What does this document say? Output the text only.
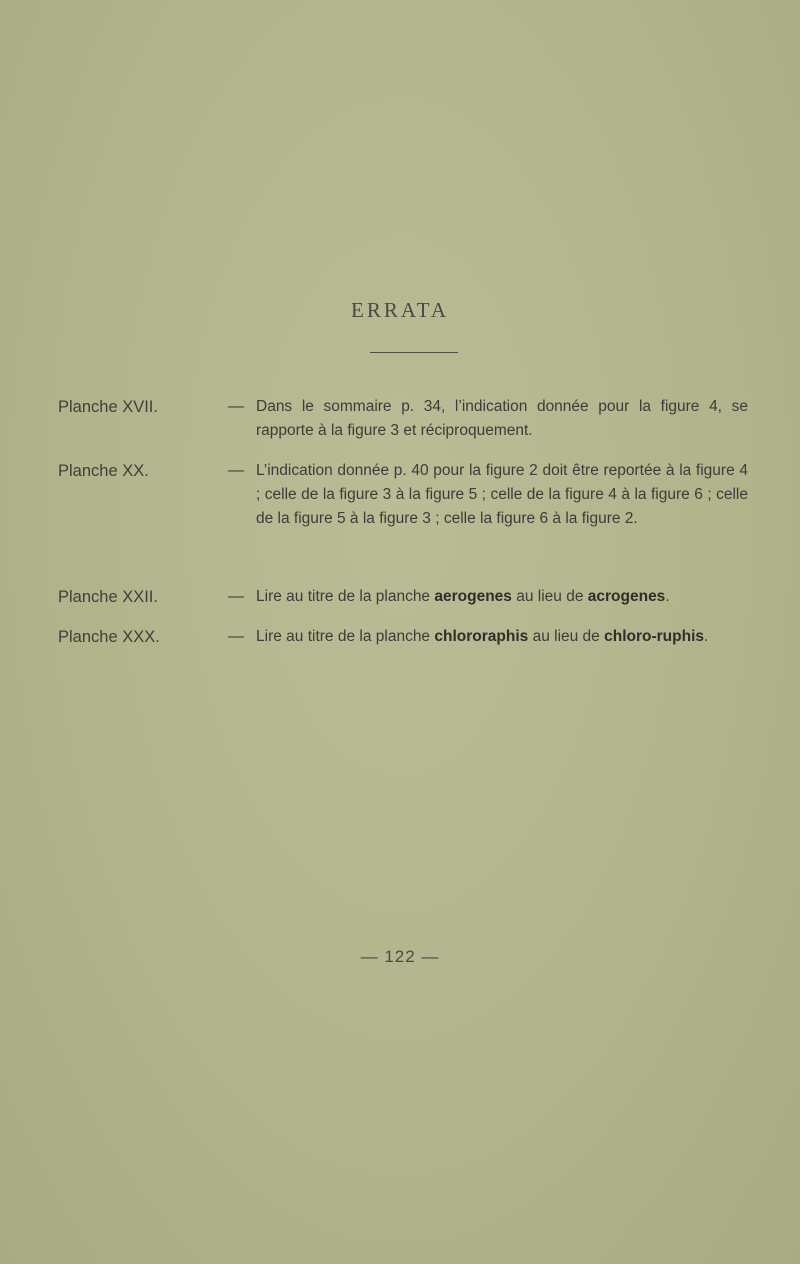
ERRATA
Planche XVII.	— Dans le sommaire p. 34, l’indication donnée pour la figure 4, se rapporte à la figure 3 et réciproquement.
Planche XX.	— L’indication donnée p. 40 pour la figure 2 doit être reportée à la figure 4 ; celle de la figure 3 à la figure 5 ; celle de la figure 4 à la figure 6 ; celle de la figure 5 à la figure 3 ; celle la figure 6 à la figure 2.
Planche XXII.	— Lire au titre de la planche aerogenes au lieu de acrogenes.
Planche XXX.	— Lire au titre de la planche chlororaphis au lieu de chloro-ruphis.
— 122 —
